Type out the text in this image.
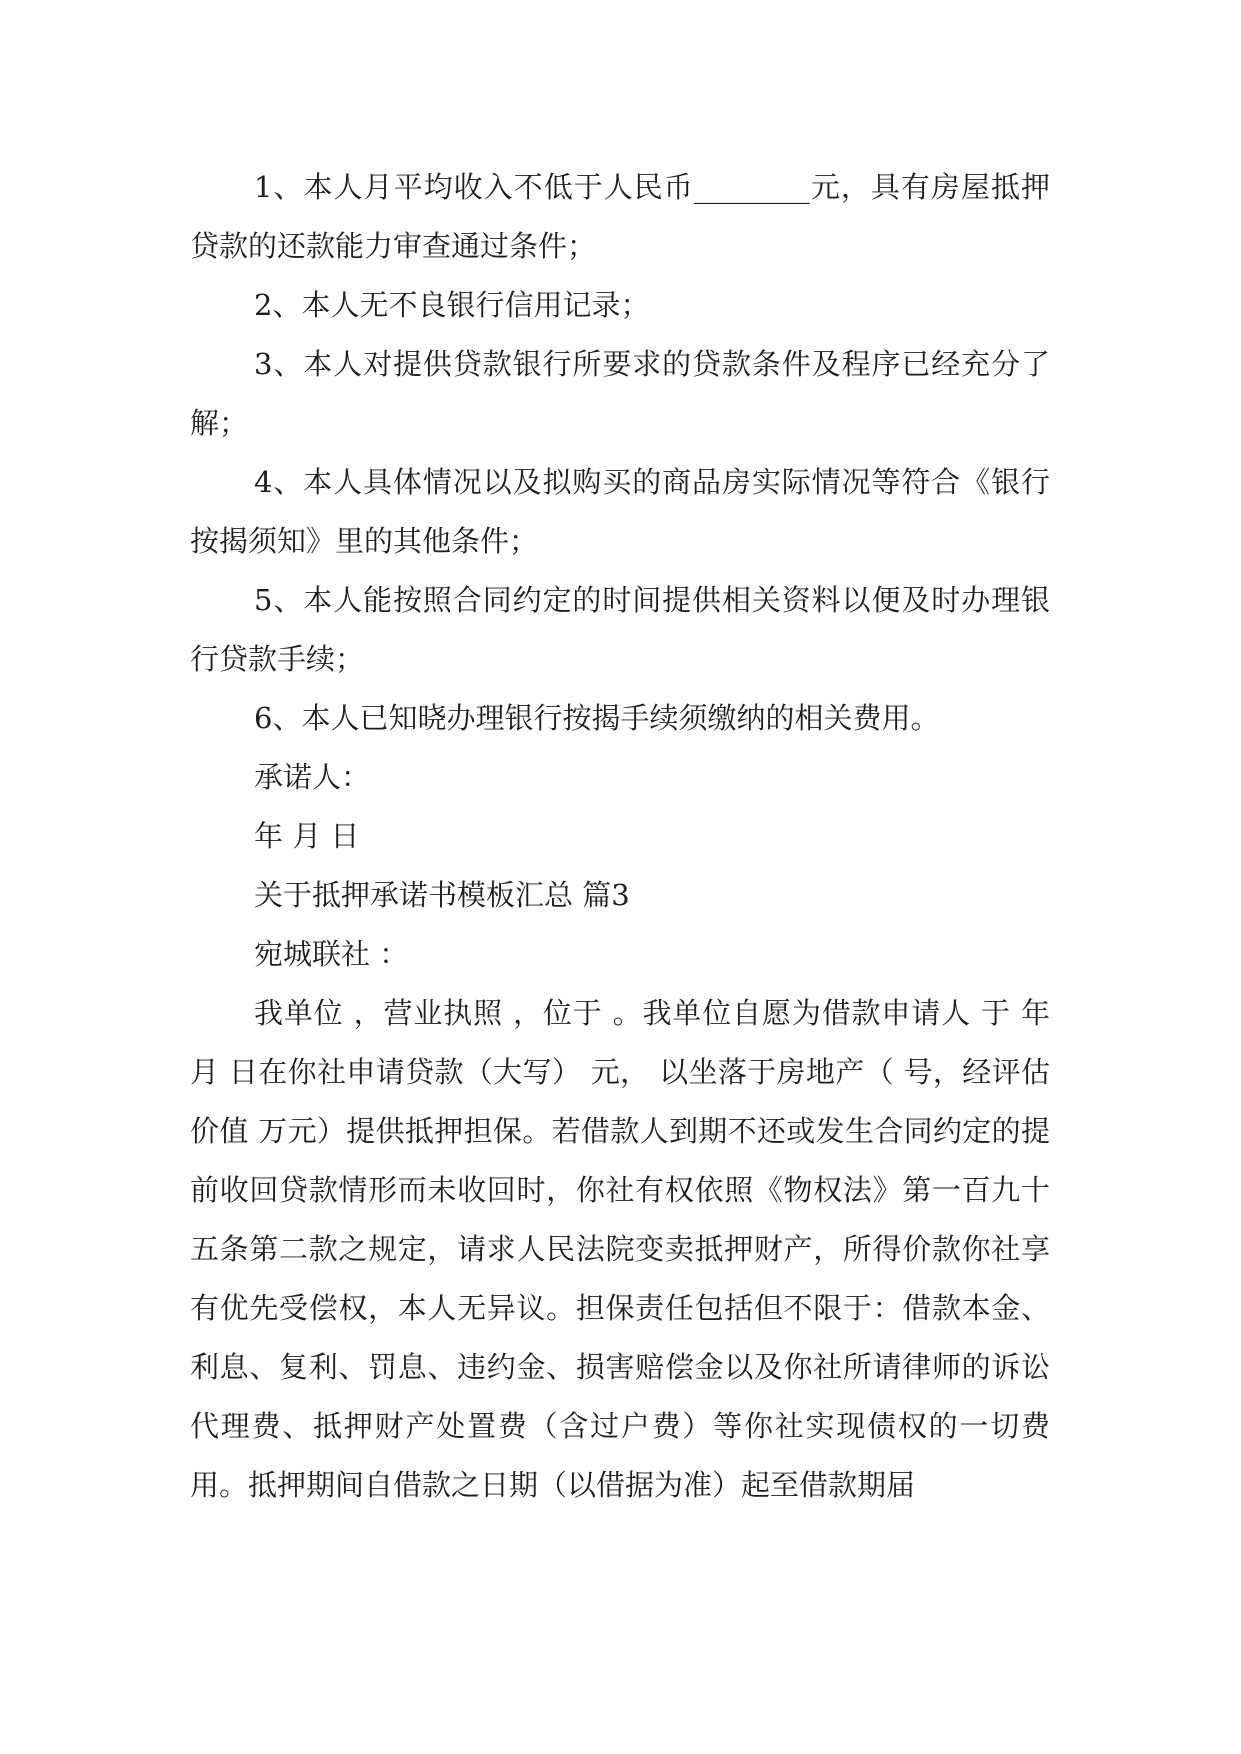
1、本人月平均收入不低于人民币________元，具有房屋抵押贷款的还款能力审查通过条件；

2、本人无不良银行信用记录；

3、本人对提供贷款银行所要求的贷款条件及程序已经充分了解；

4、本人具体情况以及拟购买的商品房实际情况等符合《银行按揭须知》里的其他条件；

5、本人能按照合同约定的时间提供相关资料以便及时办理银行贷款手续；

6、本人已知晓办理银行按揭手续须缴纳的相关费用。

承诺人：

年 月 日

关于抵押承诺书模板汇总 篇3

宛城联社 ：

我单位 ，营业执照 ，位于 。我单位自愿为借款申请人 于 年 月 日在你社申请贷款（大写） 元， 以坐落于房地产（ 号，经评估价值 万元）提供抵押担保。若借款人到期不还或发生合同约定的提前收回贷款情形而未收回时，你社有权依照《物权法》第一百九十五条第二款之规定，请求人民法院变卖抵押财产，所得价款你社享有优先受偿权，本人无异议。担保责任包括但不限于：借款本金、利息、复利、罚息、违约金、损害赔偿金以及你社所请律师的诉讼代理费、抵押财产处置费（含过户费）等你社实现债权的一切费用。抵押期间自借款之日期（以借据为准）起至借款期届
